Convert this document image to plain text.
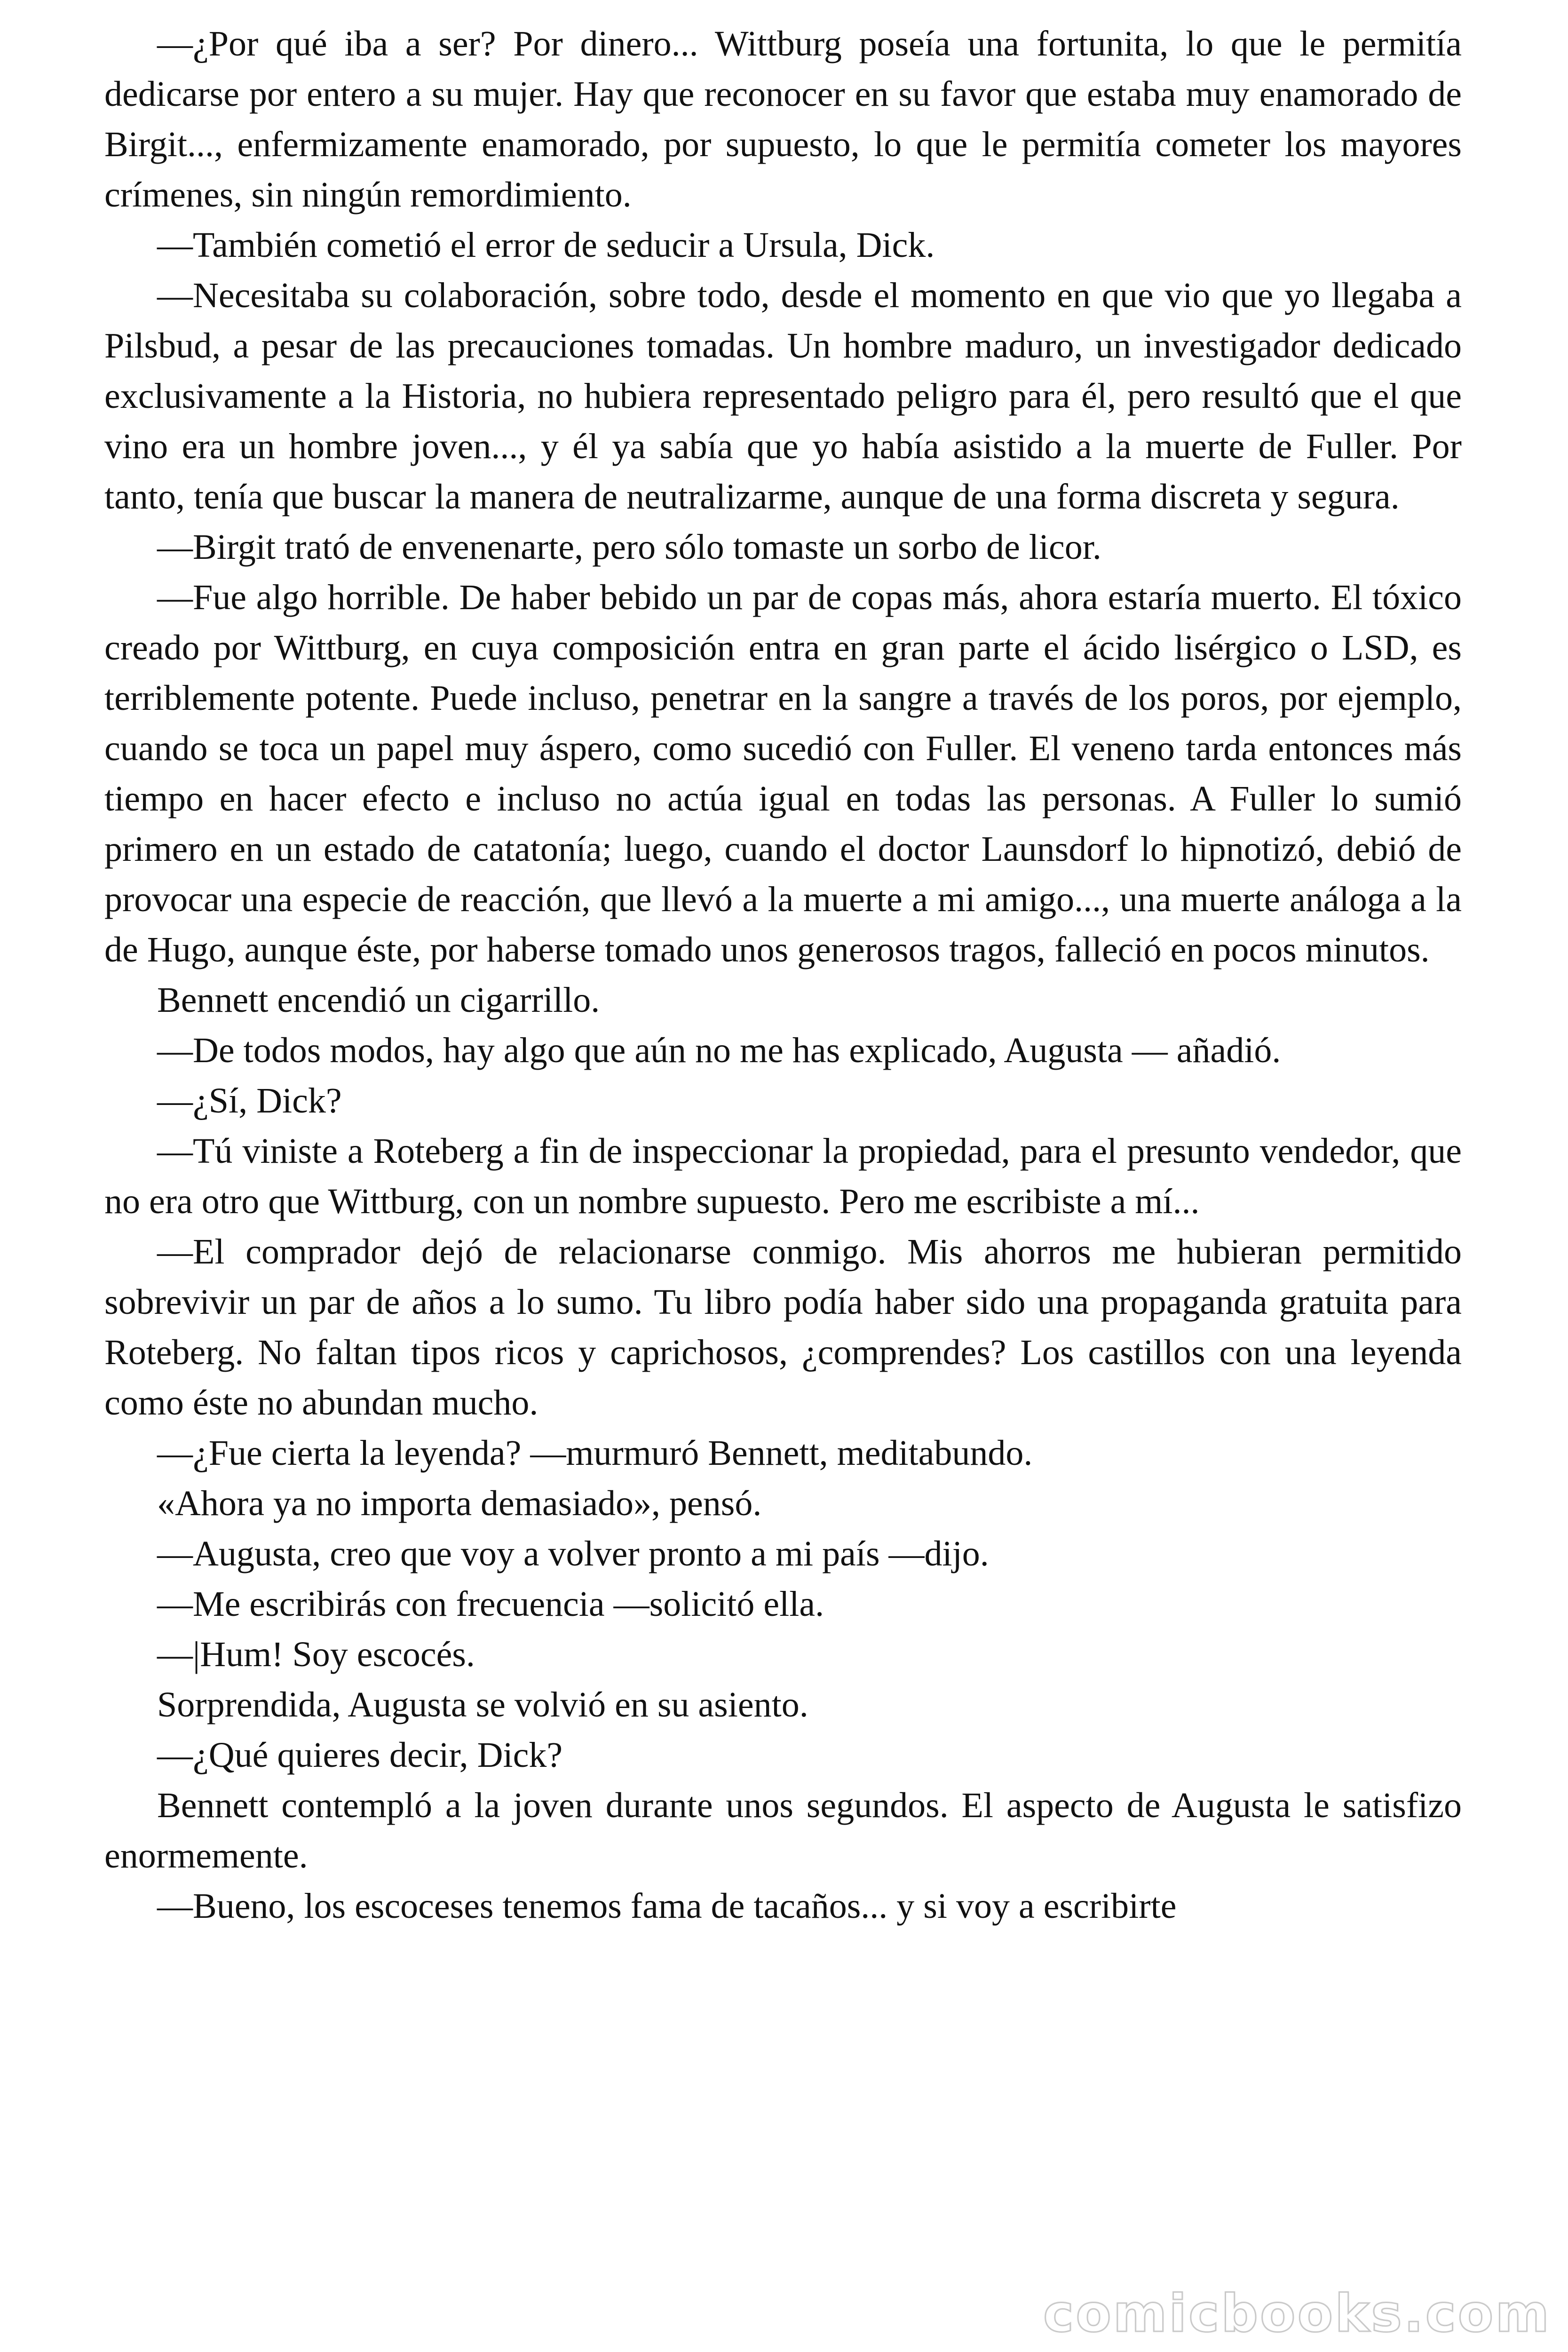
—¿Por qué iba a ser? Por dinero... Wittburg poseía una fortunita, lo que le permitía dedicarse por entero a su mujer. Hay que reconocer en su favor que estaba muy enamorado de Birgit..., enfermizamente enamorado, por supuesto, lo que le permitía cometer los mayores crímenes, sin ningún remordimiento.

—También cometió el error de seducir a Ursula, Dick.

—Necesitaba su colaboración, sobre todo, desde el momento en que vio que yo llegaba a Pilsbud, a pesar de las precauciones tomadas. Un hombre maduro, un investigador dedicado exclusivamente a la Historia, no hubiera representado peligro para él, pero resultó que el que vino era un hombre joven..., y él ya sabía que yo había asistido a la muerte de Fuller. Por tanto, tenía que buscar la manera de neutralizarme, aunque de una forma discreta y segura.

—Birgit trató de envenenarte, pero sólo tomaste un sorbo de licor.

—Fue algo horrible. De haber bebido un par de copas más, ahora estaría muerto. El tóxico creado por Wittburg, en cuya composición entra en gran parte el ácido lisérgico o LSD, es terriblemente potente. Puede incluso, penetrar en la sangre a través de los poros, por ejemplo, cuando se toca un papel muy áspero, como sucedió con Fuller. El veneno tarda entonces más tiempo en hacer efecto e incluso no actúa igual en todas las personas. A Fuller lo sumió primero en un estado de catatonía; luego, cuando el doctor Launsdorf lo hipnotizó, debió de provocar una especie de reacción, que llevó a la muerte a mi amigo..., una muerte análoga a la de Hugo, aunque éste, por haberse tomado unos generosos tragos, falleció en pocos minutos.

Bennett encendió un cigarrillo.

—De todos modos, hay algo que aún no me has explicado, Augusta — añadió.

—¿Sí, Dick?

—Tú viniste a Roteberg a fin de inspeccionar la propiedad, para el presunto vendedor, que no era otro que Wittburg, con un nombre supuesto. Pero me escribiste a mí...

—El comprador dejó de relacionarse conmigo. Mis ahorros me hubieran permitido sobrevivir un par de años a lo sumo. Tu libro podía haber sido una propaganda gratuita para Roteberg. No faltan tipos ricos y caprichosos, ¿comprendes? Los castillos con una leyenda como éste no abundan mucho.

—¿Fue cierta la leyenda? —murmuró Bennett, meditabundo.

«Ahora ya no importa demasiado», pensó.

—Augusta, creo que voy a volver pronto a mi país —dijo.

—Me escribirás con frecuencia —solicitó ella.

—|Hum! Soy escocés.

Sorprendida, Augusta se volvió en su asiento.

—¿Qué quieres decir, Dick?

Bennett contempló a la joven durante unos segundos. El aspecto de Augusta le satisfizo enormemente.

—Bueno, los escoceses tenemos fama de tacaños... y si voy a escribirte

comicbooks.com
